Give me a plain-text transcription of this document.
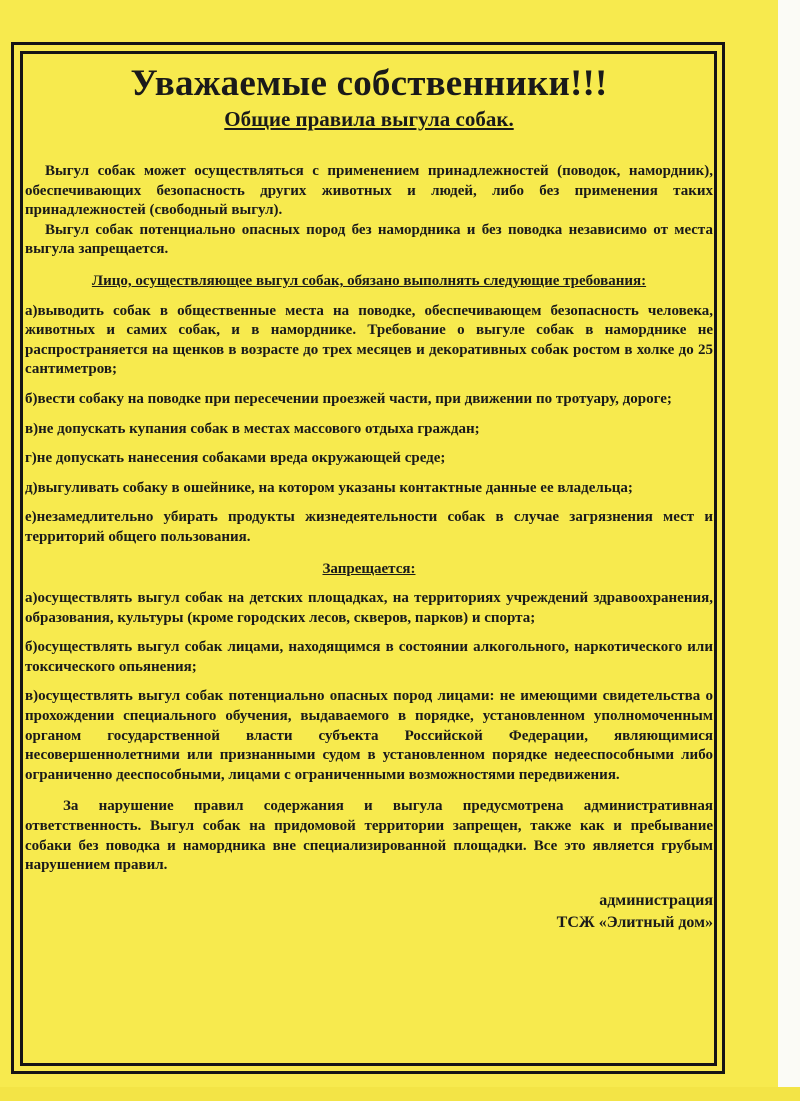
Уважаемые собственники!!!
Общие правила выгула собак.

Выгул собак может осуществляться с применением принадлежностей (поводок, намордник), обеспечивающих безопасность других животных и людей, либо без применения таких принадлежностей (свободный выгул).

Выгул собак потенциально опасных пород без намордника и без поводка независимо от места выгула запрещается.

Лицо, осуществляющее выгул собак, обязано выполнять следующие требования:

а)выводить собак в общественные места на поводке, обеспечивающем безопасность человека, животных и самих собак, и в наморднике. Требование о выгуле собак в наморднике не распространяется на щенков в возрасте до трех месяцев и декоративных собак ростом в холке до 25 сантиметров;

б)вести собаку на поводке при пересечении проезжей части, при движении по тротуару, дороге;

в)не допускать купания собак в местах массового отдыха граждан;

г)не допускать нанесения собаками вреда окружающей среде;

д)выгуливать собаку в ошейнике, на котором указаны контактные данные ее владельца;

е)незамедлительно убирать продукты жизнедеятельности собак в случае загрязнения мест и территорий общего пользования.

Запрещается:

а)осуществлять выгул собак на детских площадках, на территориях учреждений здравоохранения, образования, культуры (кроме городских лесов, скверов, парков) и спорта;

б)осуществлять выгул собак лицами, находящимся в состоянии алкогольного, наркотического или токсического опьянения;

в)осуществлять выгул собак потенциально опасных пород лицами: не имеющими свидетельства о прохождении специального обучения, выдаваемого в порядке, установленном уполномоченным органом государственной власти субъекта Российской Федерации, являющимися несовершеннолетними или признанными судом в установленном порядке недееспособными либо ограниченно дееспособными, лицами с ограниченными возможностями передвижения.

За нарушение правил содержания и выгула предусмотрена административная ответственность. Выгул собак на придомовой территории запрещен, также как и пребывание собаки без поводка и намордника вне специализированной площадки. Все это является грубым нарушением правил.

администрация
ТСЖ «Элитный дом»
